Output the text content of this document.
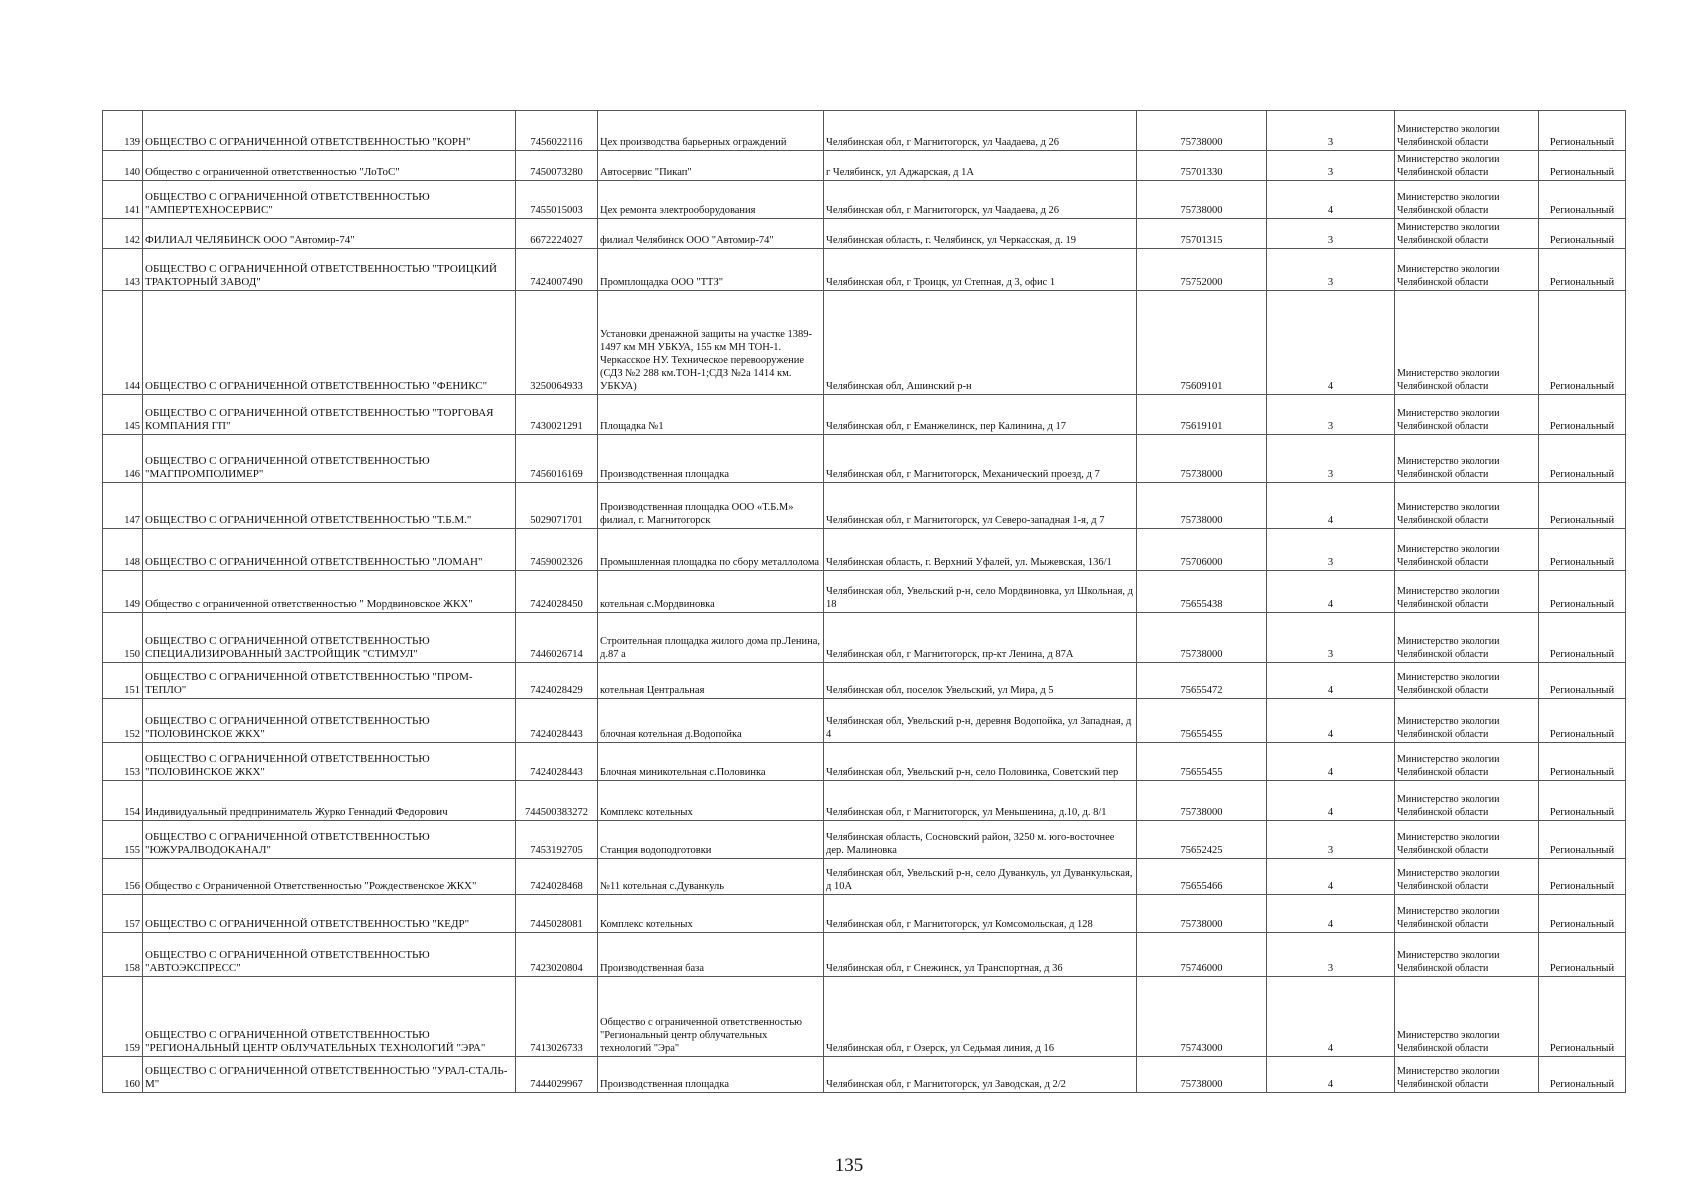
139	ОБЩЕСТВО С ОГРАНИЧЕННОЙ ОТВЕТСТВЕННОСТЬЮ "КОРН"	7456022116	Цех производства барьерных ограждений	Челябинская обл, г Магнитогорск, ул Чаадаева, д 26	75738000	3	Министерство экологии Челябинской области	Региональный
140	Общество с ограниченной ответственностью "ЛоТоС"	7450073280	Автосервис "Пикап"	г Челябинск, ул Аджарская, д 1А	75701330	3	Министерство экологии Челябинской области	Региональный
141	ОБЩЕСТВО С ОГРАНИЧЕННОЙ ОТВЕТСТВЕННОСТЬЮ "АМПЕРТЕХНОСЕРВИС"	7455015003	Цех ремонта электрооборудования	Челябинская обл, г Магнитогорск, ул Чаадаева, д 26	75738000	4	Министерство экологии Челябинской области	Региональный
142	ФИЛИАЛ ЧЕЛЯБИНСК ООО "Автомир-74"	6672224027	филиал Челябинск ООО "Автомир-74"	Челябинская область, г. Челябинск, ул Черкасская, д. 19	75701315	3	Министерство экологии Челябинской области	Региональный
143	ОБЩЕСТВО С ОГРАНИЧЕННОЙ ОТВЕТСТВЕННОСТЬЮ "ТРОИЦКИЙ ТРАКТОРНЫЙ ЗАВОД"	7424007490	Промплощадка ООО "ТТЗ"	Челябинская обл, г Троицк, ул Степная, д 3, офис 1	75752000	3	Министерство экологии Челябинской области	Региональный
144	ОБЩЕСТВО С ОГРАНИЧЕННОЙ ОТВЕТСТВЕННОСТЬЮ "ФЕНИКС"	3250064933	Установки дренажной защиты на участке 1389-1497 км МН УБКУА, 155 км МН ТОН-1. Черкасское НУ. Техническое перевооружение (СДЗ №2 288 км.ТОН-1;СДЗ №2а 1414 км. УБКУА)	Челябинская обл, Ашинский р-н	75609101	4	Министерство экологии Челябинской области	Региональный
145	ОБЩЕСТВО С ОГРАНИЧЕННОЙ ОТВЕТСТВЕННОСТЬЮ "ТОРГОВАЯ КОМПАНИЯ ГП"	7430021291	Площадка №1	Челябинская обл, г Еманжелинск, пер Калинина, д 17	75619101	3	Министерство экологии Челябинской области	Региональный
146	ОБЩЕСТВО С ОГРАНИЧЕННОЙ ОТВЕТСТВЕННОСТЬЮ "МАГПРОМПОЛИМЕР"	7456016169	Производственная площадка	Челябинская обл, г Магнитогорск, Механический проезд, д 7	75738000	3	Министерство экологии Челябинской области	Региональный
147	ОБЩЕСТВО С ОГРАНИЧЕННОЙ ОТВЕТСТВЕННОСТЬЮ "Т.Б.М."	5029071701	Производственная площадка ООО «Т.Б.М» филиал, г. Магнитогорск	Челябинская обл, г Магнитогорск, ул Северо-западная 1-я, д 7	75738000	4	Министерство экологии Челябинской области	Региональный
148	ОБЩЕСТВО С ОГРАНИЧЕННОЙ ОТВЕТСТВЕННОСТЬЮ "ЛОМАН"	7459002326	Промышленная площадка по сбору металлолома	Челябинская область, г. Верхний Уфалей, ул. Мыжевская, 136/1	75706000	3	Министерство экологии Челябинской области	Региональный
149	Общество с ограниченной ответственностью " Мордвиновское ЖКХ"	7424028450	котельная с.Мордвиновка	Челябинская обл, Увельский р-н, село Мордвиновка, ул Школьная, д 18	75655438	4	Министерство экологии Челябинской области	Региональный
150	ОБЩЕСТВО С ОГРАНИЧЕННОЙ ОТВЕТСТВЕННОСТЬЮ СПЕЦИАЛИЗИРОВАННЫЙ ЗАСТРОЙЩИК "СТИМУЛ"	7446026714	Строительная площадка жилого дома пр.Ленина, д.87 а	Челябинская обл, г Магнитогорск, пр-кт Ленина, д 87А	75738000	3	Министерство экологии Челябинской области	Региональный
151	ОБЩЕСТВО С ОГРАНИЧЕННОЙ ОТВЕТСТВЕННОСТЬЮ "ПРОМ-ТЕПЛО"	7424028429	котельная Центральная	Челябинская обл, поселок Увельский, ул Мира, д 5	75655472	4	Министерство экологии Челябинской области	Региональный
152	ОБЩЕСТВО С ОГРАНИЧЕННОЙ ОТВЕТСТВЕННОСТЬЮ "ПОЛОВИНСКОЕ ЖКХ"	7424028443	блочная котельная д.Водопойка	Челябинская обл, Увельский р-н, деревня Водопойка, ул Западная, д 4	75655455	4	Министерство экологии Челябинской области	Региональный
153	ОБЩЕСТВО С ОГРАНИЧЕННОЙ ОТВЕТСТВЕННОСТЬЮ "ПОЛОВИНСКОЕ ЖКХ"	7424028443	Блочная миникотельная с.Половинка	Челябинская обл, Увельский р-н, село Половинка, Советский пер	75655455	4	Министерство экологии Челябинской области	Региональный
154	Индивидуальный предприниматель Журко Геннадий Федорович	744500383272	Комплекс котельных	Челябинская обл, г Магнитогорск, ул Меньшенина, д.10, д. 8/1	75738000	4	Министерство экологии Челябинской области	Региональный
155	ОБЩЕСТВО С ОГРАНИЧЕННОЙ ОТВЕТСТВЕННОСТЬЮ "ЮЖУРАЛВОДОКАНАЛ"	7453192705	Станция водоподготовки	Челябинская область, Сосновский район, 3250 м. юго-восточнее дер. Малиновка	75652425	3	Министерство экологии Челябинской области	Региональный
156	Общество с Ограниченной Ответственностью "Рождественское ЖКХ"	7424028468	№11 котельная с.Дуванкуль	Челябинская обл, Увельский р-н, село Дуванкуль, ул Дуванкульская, д 10А	75655466	4	Министерство экологии Челябинской области	Региональный
157	ОБЩЕСТВО С ОГРАНИЧЕННОЙ ОТВЕТСТВЕННОСТЬЮ "КЕДР"	7445028081	Комплекс котельных	Челябинская обл, г Магнитогорск, ул Комсомольская, д 128	75738000	4	Министерство экологии Челябинской области	Региональный
158	ОБЩЕСТВО С ОГРАНИЧЕННОЙ ОТВЕТСТВЕННОСТЬЮ "АВТОЭКСПРЕСС"	7423020804	Производственная база	Челябинская обл, г Снежинск, ул Транспортная, д 36	75746000	3	Министерство экологии Челябинской области	Региональный
159	ОБЩЕСТВО С ОГРАНИЧЕННОЙ ОТВЕТСТВЕННОСТЬЮ "РЕГИОНАЛЬНЫЙ ЦЕНТР ОБЛУЧАТЕЛЬНЫХ ТЕХНОЛОГИЙ "ЭРА"	7413026733	Общество с ограниченной ответственностью "Региональный центр облучательных технологий "Эра"	Челябинская обл, г Озерск, ул Седьмая линия, д 16	75743000	4	Министерство экологии Челябинской области	Региональный
160	ОБЩЕСТВО С ОГРАНИЧЕННОЙ ОТВЕТСТВЕННОСТЬЮ "УРАЛ-СТАЛЬ-М"	7444029967	Производственная площадка	Челябинская обл, г Магнитогорск, ул Заводская, д 2/2	75738000	4	Министерство экологии Челябинской области	Региональный
135
